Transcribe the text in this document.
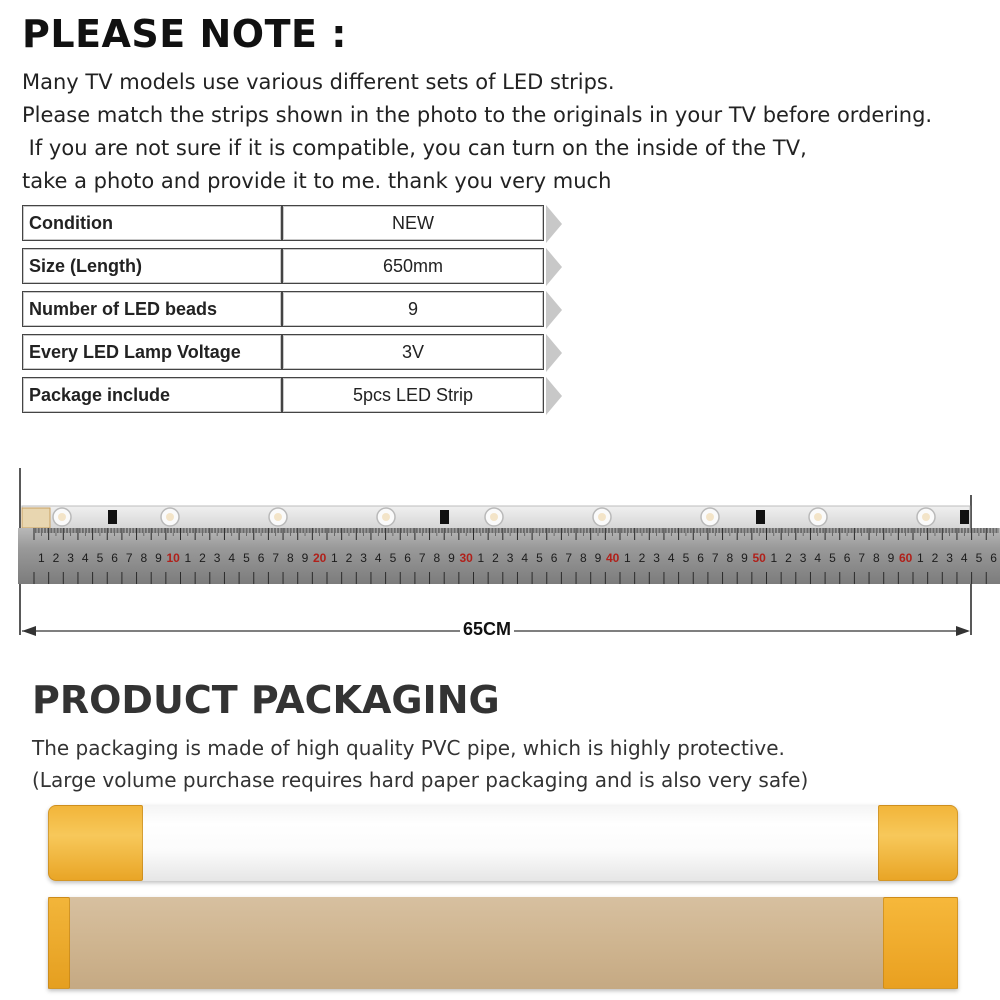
PLEASE NOTE :
Many TV models use various different sets of LED strips.
Please match the strips shown in the photo to the originals in your TV before ordering.
If you are not sure if it is compatible, you can turn on the inside of the TV,
take a photo and provide it to me. thank you very much
Condition	NEW
Size (Length)	650mm
Number of LED beads	9
Every LED Lamp Voltage	3V
Package include	5pcs LED Strip
1 2 3 4 5 6 7 8 9 10 1 2 3 4 5 6 7 8 9 20 1 2 3 4 5 6 7 8 9 30 1 2 3 4 5 6 7 8 9 40 1 2 3 4 5 6 7 8 9 50 1 2 3 4 5 6 7 8 9 60 1 2 3 4 5 6
65CM
PRODUCT PACKAGING
The packaging is made of high quality PVC pipe, which is highly protective.
(Large volume purchase requires hard paper packaging and is also very safe)
